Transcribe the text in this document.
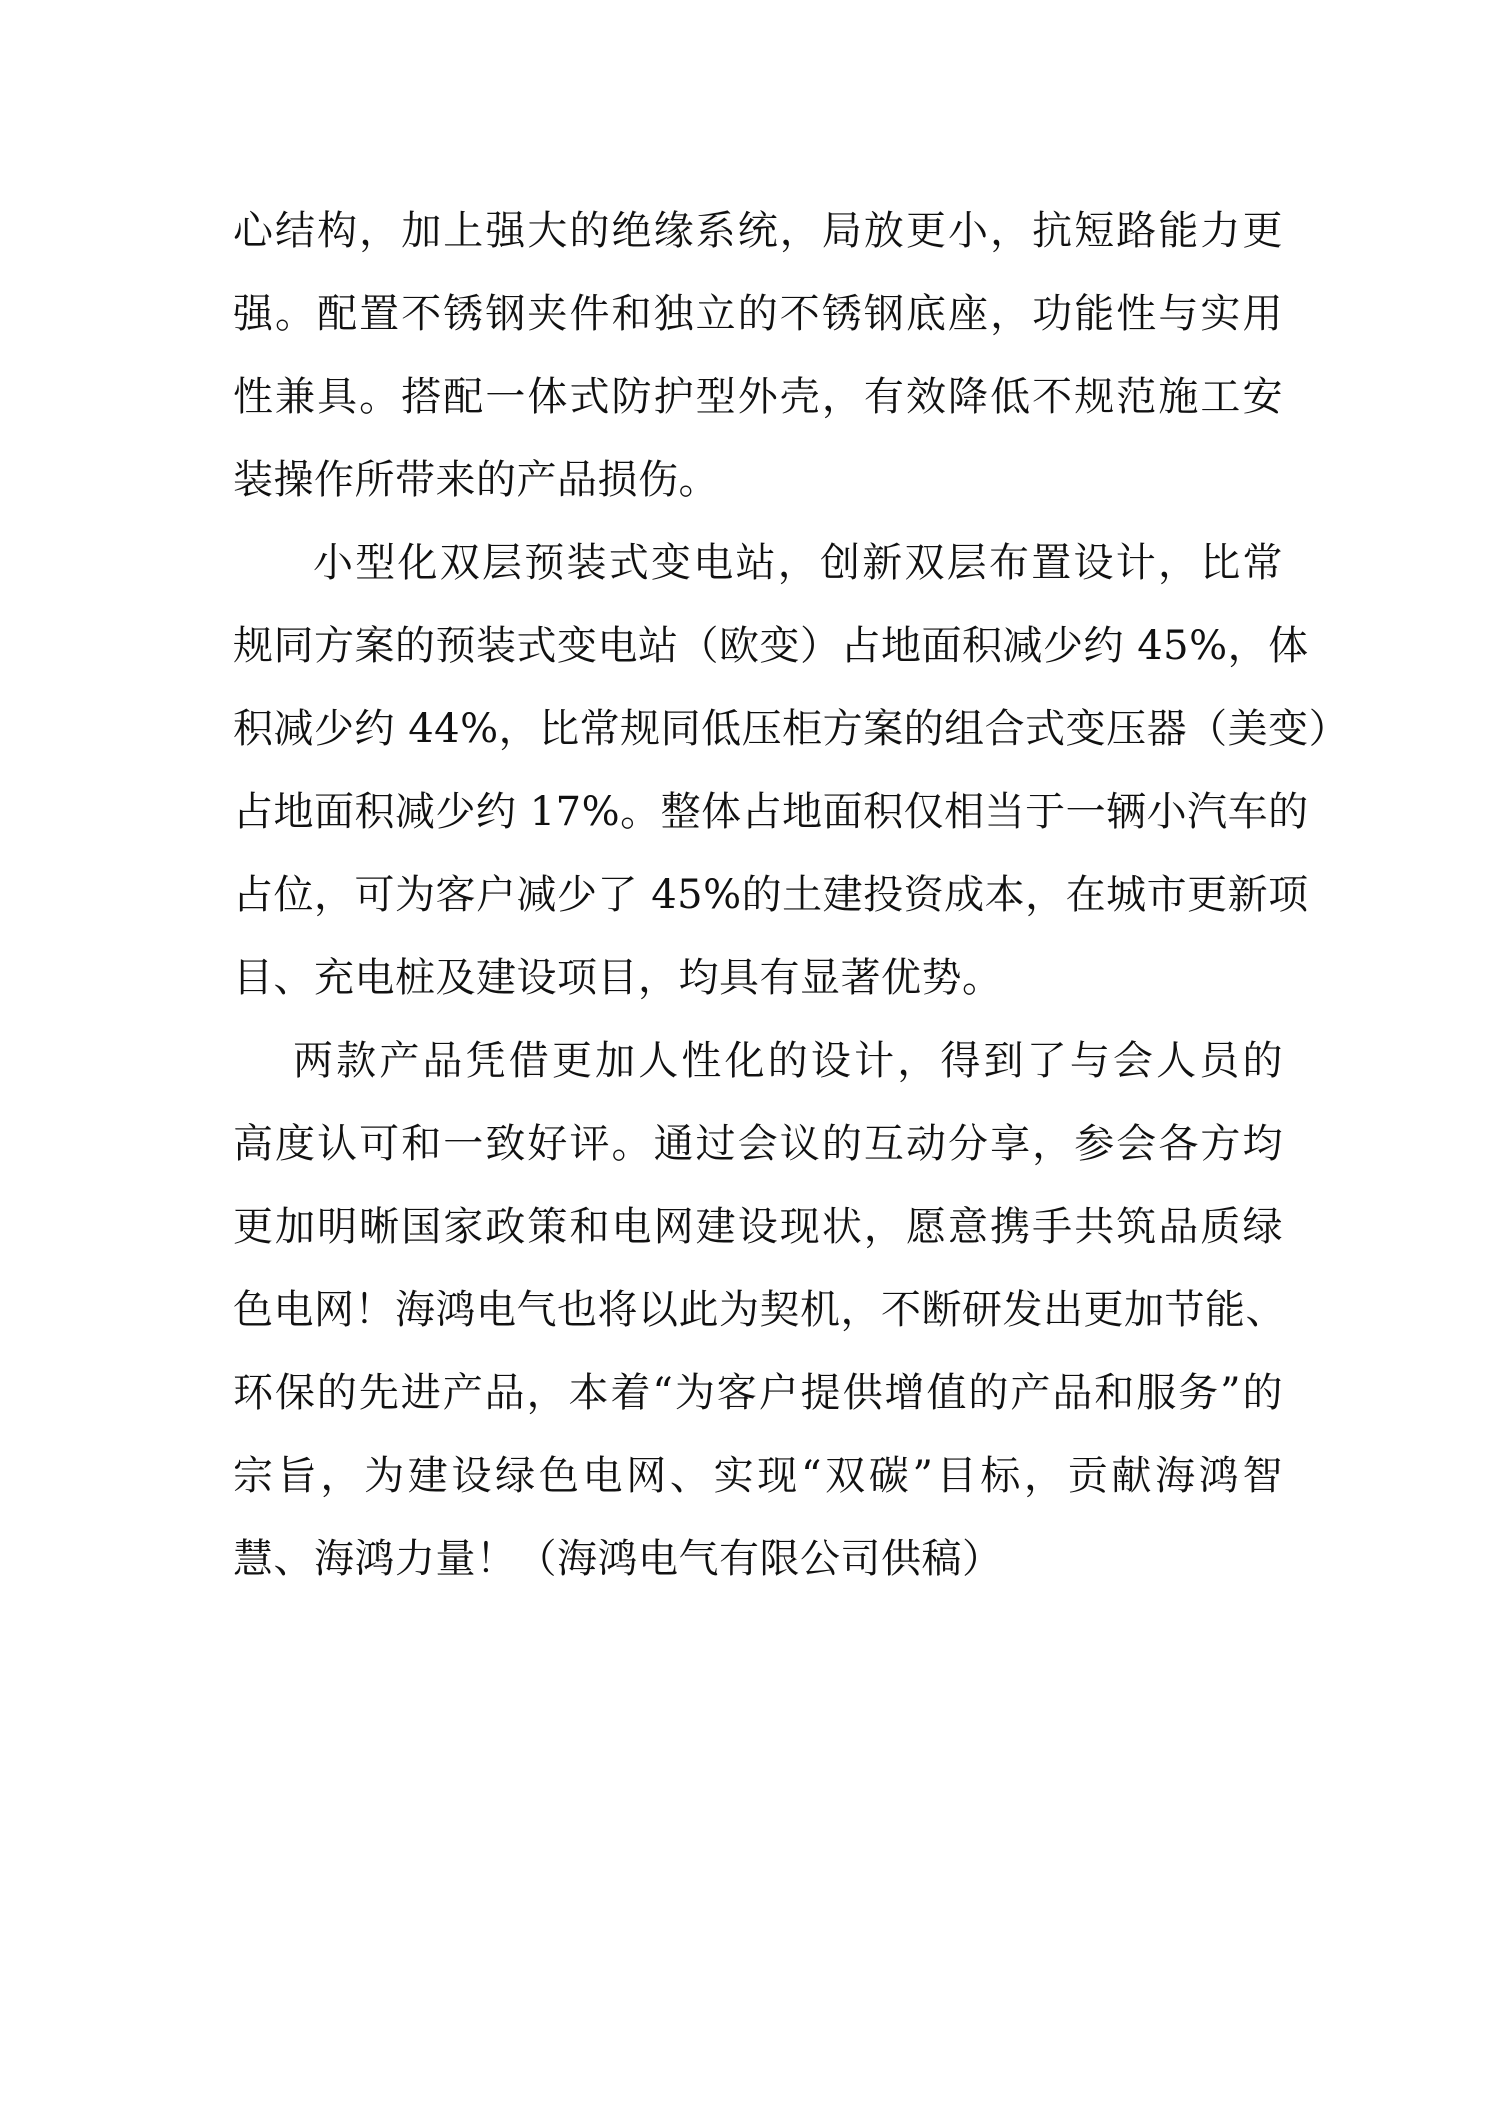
心结构，加上强大的绝缘系统，局放更小，抗短路能力更
强。配置不锈钢夹件和独立的不锈钢底座，功能性与实用
性兼具。搭配一体式防护型外壳，有效降低不规范施工安
装操作所带来的产品损伤。
小型化双层预装式变电站，创新双层布置设计，比常
规同方案的预装式变电站（欧变）占地面积减少约 45%，体
积减少约 44%，比常规同低压柜方案的组合式变压器（美变）
占地面积减少约 17%。整体占地面积仅相当于一辆小汽车的
占位，可为客户减少了 45%的土建投资成本，在城市更新项
目、充电桩及建设项目，均具有显著优势。
两款产品凭借更加人性化的设计，得到了与会人员的
高度认可和一致好评。通过会议的互动分享，参会各方均
更加明晰国家政策和电网建设现状，愿意携手共筑品质绿
色电网！海鸿电气也将以此为契机，不断研发出更加节能、
环保的先进产品，本着“为客户提供增值的产品和服务”的
宗旨，为建设绿色电网、实现“双碳”目标，贡献海鸿智
慧、海鸿力量！（海鸿电气有限公司供稿）
